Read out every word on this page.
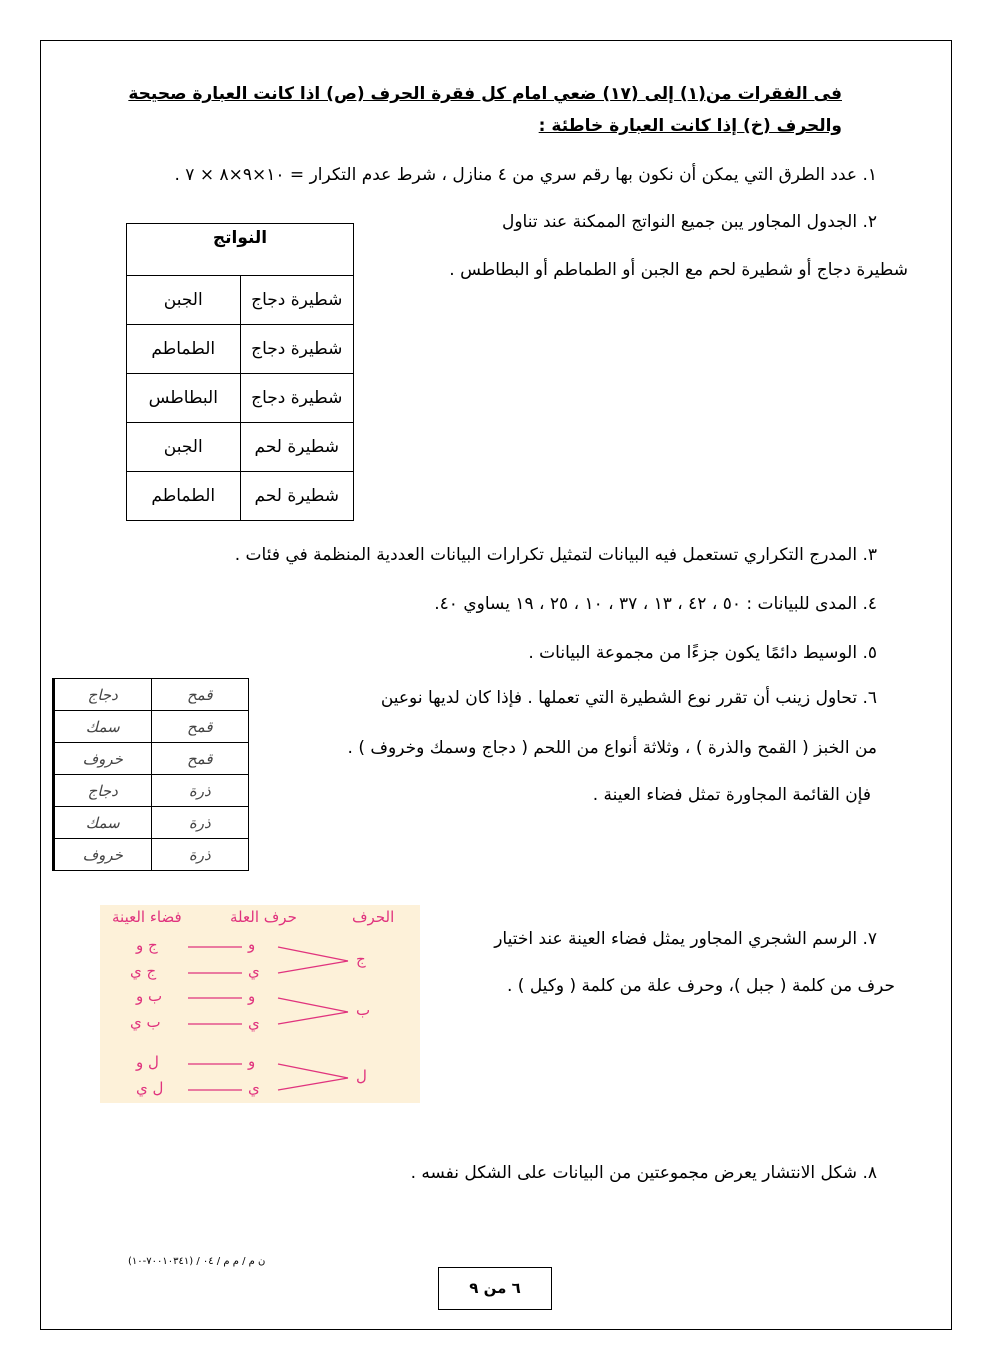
فى الفقرات من(١) إلى (١٧) ضعي امام كل فقرة الحرف (ص) اذا كانت العبارة صحيحة
والحرف (خ) إذا كانت العبارة خاطئة :
١. عدد الطرق التي يمكن أن نكون بها رقم سري من ٤ منازل ، شرط عدم التكرار = ١٠×٩×٨ × ٧ .
٢. الجدول المجاور يبن جميع النواتج الممكنة عند تناول
شطيرة دجاج أو شطيرة لحم مع الجبن أو الطماطم أو البطاطس .
النواتج	
شطيرة دجاج	الجبن
شطيرة دجاج	الطماطم
شطيرة دجاج	البطاطس
شطيرة لحم	الجبن
شطيرة لحم	الطماطم
٣. المدرج التكراري تستعمل فيه البيانات لتمثيل تكرارات البيانات العددية المنظمة في فئات .
٤. المدى للبيانات : ٥٠ ، ٤٢ ، ١٣ ، ٣٧ ، ١٠ ، ٢٥ ، ١٩ يساوي ٤٠.
٥. الوسيط دائمًا يكون جزءًا من مجموعة البيانات .
٦. تحاول زينب أن تقرر نوع الشطيرة التي تعملها . فإذا كان لديها نوعين
من الخبز ( القمح والذرة ) ، وثلاثة أنواع من اللحم ( دجاج وسمك وخروف ) .
فإن القائمة المجاورة تمثل فضاء العينة .
قمح	دجاج
قمح	سمك
قمح	خروف
ذرة	دجاج
ذرة	سمك
ذرة	خروف
٧. الرسم الشجري المجاور يمثل فضاء العينة عند اختيار
حرف من كلمة ( جبل )، وحرف علة من كلمة ( وكيل ) .
الحرف
حرف العلة
فضاء العينة
ج
ب
ل
و
ي
و
ي
و
ي
ج و
ج ي
ب و
ب ي
ل و
ل ي
٨. شكل الانتشار يعرض مجموعتين من البيانات على الشكل نفسه .
ن م / م م / ٠٤ / (٧٠٠١٠٣٤١-١٠)
٦ من ٩
